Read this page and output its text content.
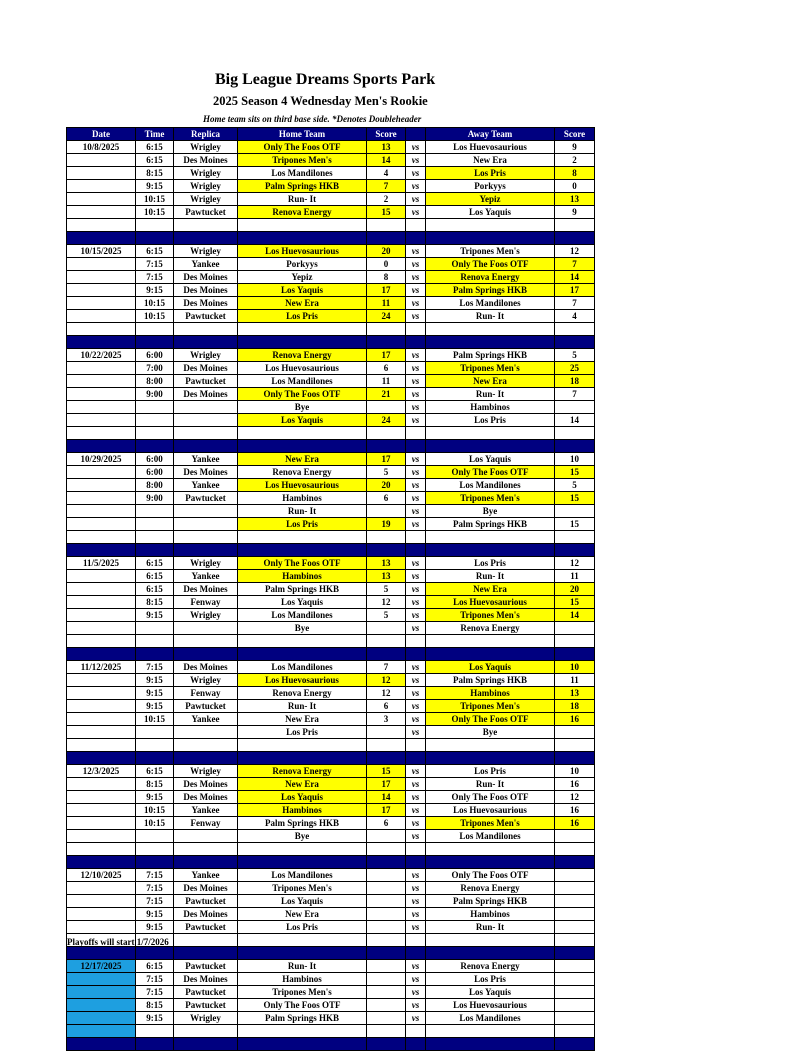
Big League Dreams Sports Park
2025 Season 4 Wednesday Men's Rookie
Home team sits on third base side. *Denotes Doubleheader
Date	Time	Replica	Home Team	Score		Away Team	Score
10/8/2025	6:15	Wrigley	Only The Foos OTF	13	vs	Los Huevosaurious	9
	6:15	Des Moines	Tripones Men's	14	vs	New Era	2
	8:15	Wrigley	Los Mandilones	4	vs	Los Pris	8
	9:15	Wrigley	Palm Springs HKB	7	vs	Porkyys	0
	10:15	Wrigley	Run- It	2	vs	Yepiz	13
	10:15	Pawtucket	Renova Energy	15	vs	Los Yaquis	9

10/15/2025	6:15	Wrigley	Los Huevosaurious	20	vs	Tripones Men's	12
	7:15	Yankee	Porkyys	0	vs	Only The Foos OTF	7
	7:15	Des Moines	Yepiz	8	vs	Renova Energy	14
	9:15	Des Moines	Los Yaquis	17	vs	Palm Springs HKB	17
	10:15	Des Moines	New Era	11	vs	Los Mandilones	7
	10:15	Pawtucket	Los Pris	24	vs	Run- It	4

10/22/2025	6:00	Wrigley	Renova Energy	17	vs	Palm Springs HKB	5
	7:00	Des Moines	Los Huevosaurious	6	vs	Tripones Men's	25
	8:00	Pawtucket	Los Mandilones	11	vs	New Era	18
	9:00	Des Moines	Only The Foos OTF	21	vs	Run- It	7
			Bye		vs	Hambinos	
			Los Yaquis	24	vs	Los Pris	14

10/29/2025	6:00	Yankee	New Era	17	vs	Los Yaquis	10
	6:00	Des Moines	Renova Energy	5	vs	Only The Foos OTF	15
	8:00	Yankee	Los Huevosaurious	20	vs	Los Mandilones	5
	9:00	Pawtucket	Hambinos	6	vs	Tripones Men's	15
			Run- It		vs	Bye	
			Los Pris	19	vs	Palm Springs HKB	15

11/5/2025	6:15	Wrigley	Only The Foos OTF	13	vs	Los Pris	12
	6:15	Yankee	Hambinos	13	vs	Run- It	11
	6:15	Des Moines	Palm Springs HKB	5	vs	New Era	20
	8:15	Fenway	Los Yaquis	12	vs	Los Huevosaurious	15
	9:15	Wrigley	Los Mandilones	5	vs	Tripones Men's	14
			Bye		vs	Renova Energy	

11/12/2025	7:15	Des Moines	Los Mandilones	7	vs	Los Yaquis	10
	9:15	Wrigley	Los Huevosaurious	12	vs	Palm Springs HKB	11
	9:15	Fenway	Renova Energy	12	vs	Hambinos	13
	9:15	Pawtucket	Run- It	6	vs	Tripones Men's	18
	10:15	Yankee	New Era	3	vs	Only The Foos OTF	16
			Los Pris		vs	Bye	

12/3/2025	6:15	Wrigley	Renova Energy	15	vs	Los Pris	10
	8:15	Des Moines	New Era	17	vs	Run- It	16
	9:15	Des Moines	Los Yaquis	14	vs	Only The Foos OTF	12
	10:15	Yankee	Hambinos	17	vs	Los Huevosaurious	16
	10:15	Fenway	Palm Springs HKB	6	vs	Tripones Men's	16
			Bye		vs	Los Mandilones	

12/10/2025	7:15	Yankee	Los Mandilones		vs	Only The Foos OTF	
	7:15	Des Moines	Tripones Men's		vs	Renova Energy	
	7:15	Pawtucket	Los Yaquis		vs	Palm Springs HKB	
	9:15	Des Moines	New Era		vs	Hambinos	
	9:15	Pawtucket	Los Pris		vs	Run- It	

12/17/2025	6:15	Pawtucket	Run- It		vs	Renova Energy	
	7:15	Des Moines	Hambinos		vs	Los Pris	
	7:15	Pawtucket	Tripones Men's		vs	Los Yaquis	
	8:15	Pawtucket	Only The Foos OTF		vs	Los Huevosaurious	
	9:15	Wrigley	Palm Springs HKB		vs	Los Mandilones	

Playoffs will start 1/7/2026
